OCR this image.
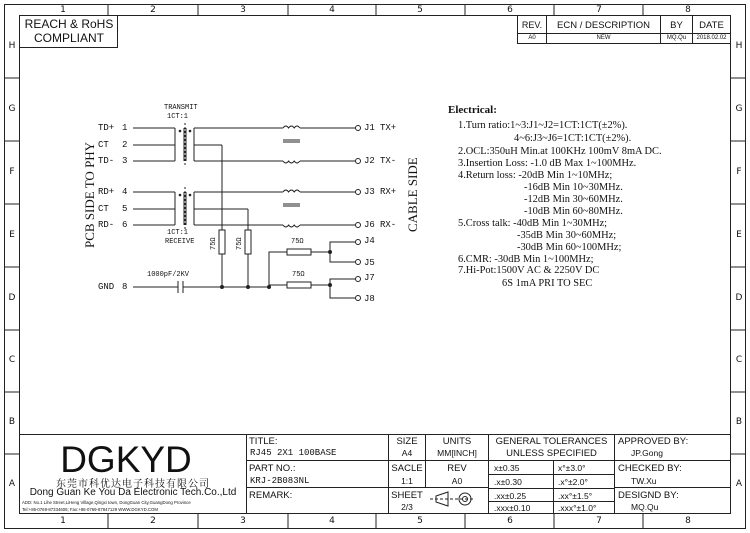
DGKYD
1	2	3	4	5	6	7	8
1	2	3	4	5	6	7	8
H
G
F
E
D
C
B
A
H
G
F
E
D
C
B
A
REACH & RoHS
COMPLIANT
REV.	ECN / DESCRIPTION	BY	DATE
A0	NEW	MQ.Qu	2018.02.02
PCB SIDE TO PHY	CABLE SIDE
TRANSMIT
1CT:1
1CT:1
RECEIVE
TD+ 1
CT 2
TD- 3
RD+ 4
CT 5
RD- 6
GND 8
J1 TX+
J2 TX-
J3 RX+
J6 RX-
J4
J5
J7
J8
75Ω	75Ω	75Ω
75Ω
1000pF/2KV
Electrical:
1.Turn ratio:1~3:J1~J2=1CT:1CT(±2%).
4~6:J3~J6=1CT:1CT(±2%).
2.OCL:350uH Min.at 100KHz 100mV 8mA DC.
3.Insertion Loss: -1.0 dB Max 1~100MHz.
4.Return loss: -20dB Min 1~10MHz;
-16dB Min 10~30MHz.
-12dB Min 30~60MHz.
-10dB Min 60~80MHz.
5.Cross talk: -40dB Min 1~30MHz;
-35dB Min 30~60MHz;
-30dB Min 60~100MHz;
6.CMR: -30dB Min 1~100MHz;
7.Hi-Pot:1500V AC & 2250V DC
6S 1mA PRI TO SEC
东莞市科优达电子科技有限公司
Dong Guan Ke You Da Electronic Tech.Co.,Ltd
ADD: No.1 Lihe Street,LiHeng Village,Qingxi town, DongGuan City,GuangDong Province
Tel:+86-0769-87334606; Fax:+86-0769-87847129 WWW.DGKYD.COM
TITLE:
RJ45 2X1 100BASE
PART NO.:
KRJ-2B083NL
REMARK:
SIZE
A4
UNITS
MM[INCH]
SACLE
1:1
REV
A0
SHEET
2/3
GENERAL TOLERANCES
UNLESS SPECIFIED
x±0.35	x°±3.0°
.x±0.30	.x°±2.0°
.xx±0.25	.xx°±1.5°
.xxx±0.10	.xxx°±1.0°
APPROVED BY:
JP.Gong
CHECKED BY:
TW.Xu
DESIGND BY:
MQ.Qu
